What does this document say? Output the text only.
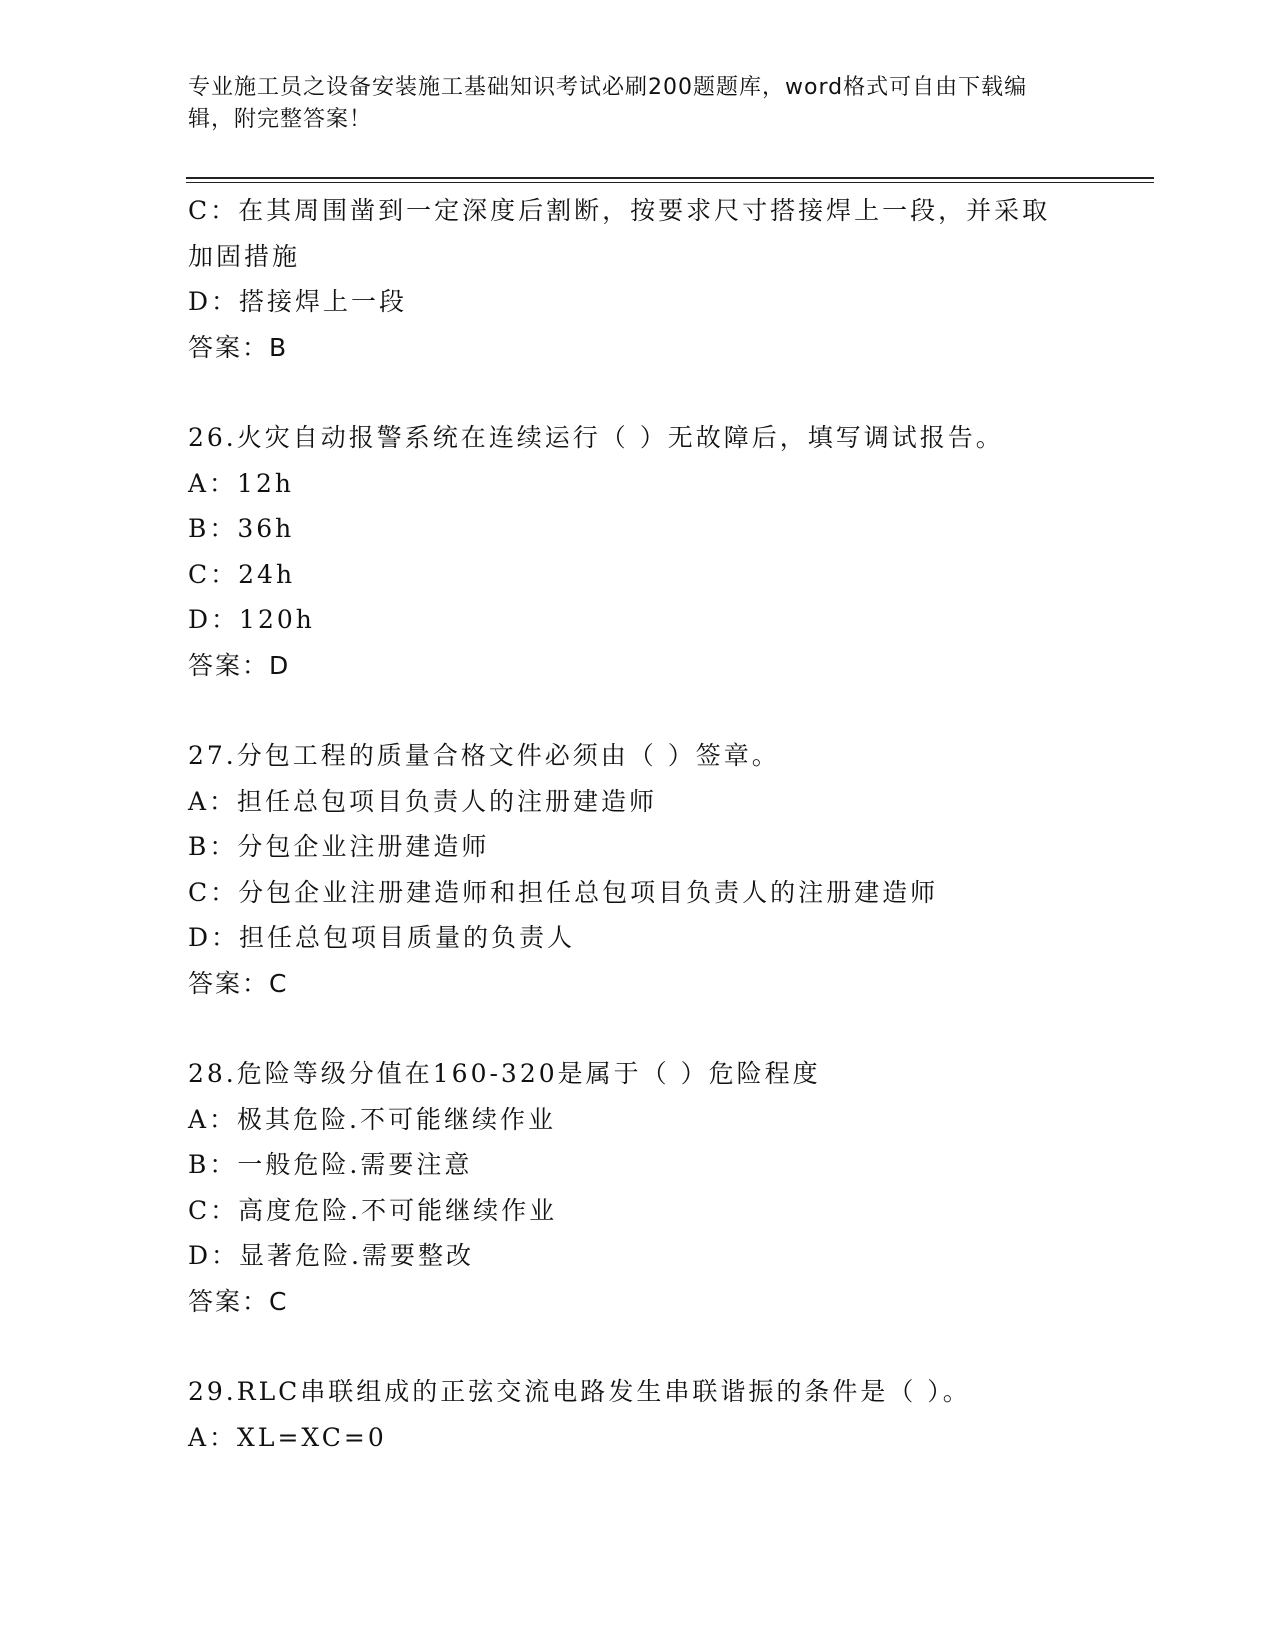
专业施工员之设备安装施工基础知识考试必刷200题题库，word格式可自由下载编辑，附完整答案！
C：在其周围凿到一定深度后割断，按要求尺寸搭接焊上一段，并采取加固措施
D：搭接焊上一段
答案：B
26.火灾自动报警系统在连续运行（ ）无故障后，填写调试报告。
A：12h
B：36h
C：24h
D：120h
答案：D
27.分包工程的质量合格文件必须由（ ）签章。
A：担任总包项目负责人的注册建造师
B：分包企业注册建造师
C：分包企业注册建造师和担任总包项目负责人的注册建造师
D：担任总包项目质量的负责人
答案：C
28.危险等级分值在160-320是属于（ ）危险程度
A：极其危险.不可能继续作业
B：一般危险.需要注意
C：高度危险.不可能继续作业
D：显著危险.需要整改
答案：C
29.RLC串联组成的正弦交流电路发生串联谐振的条件是（ ）。
A：XL=XC=0
